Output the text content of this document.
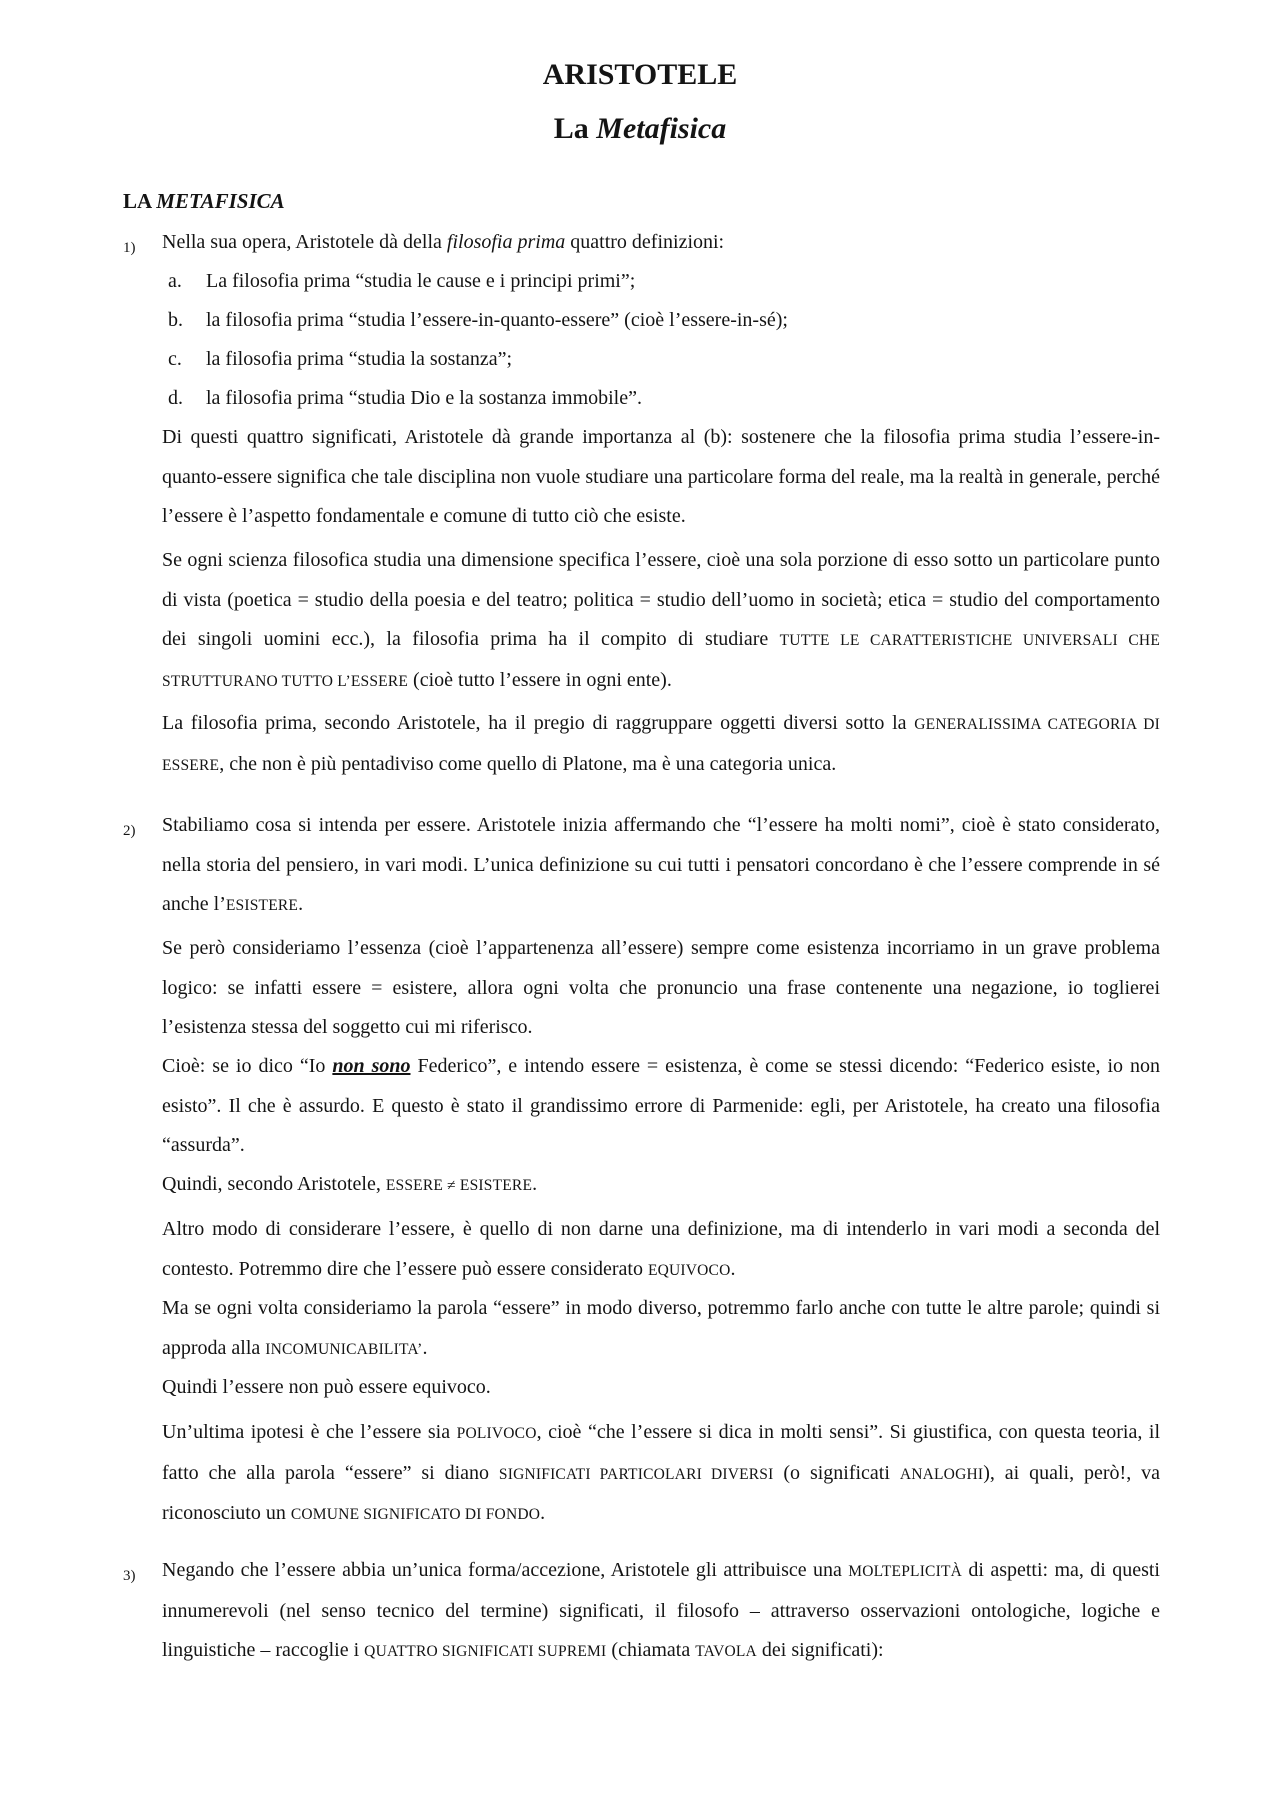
ARISTOTELE
La Metafisica
LA METAFISICA
1) Nella sua opera, Aristotele dà della filosofia prima quattro definizioni:

a. La filosofia prima “studia le cause e i principi primi”;

b. la filosofia prima “studia l’essere-in-quanto-essere” (cioè l’essere-in-sé);

c. la filosofia prima “studia la sostanza”;

d. la filosofia prima “studia Dio e la sostanza immobile”.

Di questi quattro significati, Aristotele dà grande importanza al (b): sostenere che la filosofia prima studia l’essere-in-quanto-essere significa che tale disciplina non vuole studiare una particolare forma del reale, ma la realtà in generale, perché l’essere è l’aspetto fondamentale e comune di tutto ciò che esiste.

Se ogni scienza filosofica studia una dimensione specifica l’essere, cioè una sola porzione di esso sotto un particolare punto di vista (poetica = studio della poesia e del teatro; politica = studio dell’uomo in società; etica = studio del comportamento dei singoli uomini ecc.), la filosofia prima ha il compito di studiare TUTTE LE CARATTERISTICHE UNIVERSALI CHE STRUTTURANO TUTTO L’ESSERE (cioè tutto l’essere in ogni ente).

La filosofia prima, secondo Aristotele, ha il pregio di raggruppare oggetti diversi sotto la GENERALISSIMA CATEGORIA DI ESSERE, che non è più pentadiviso come quello di Platone, ma è una categoria unica.

2) Stabiliamo cosa si intenda per essere. Aristotele inizia affermando che “l’essere ha molti nomi”, cioè è stato considerato, nella storia del pensiero, in vari modi. L’unica definizione su cui tutti i pensatori concordano è che l’essere comprende in sé anche l’ESISTERE.

Se però consideriamo l’essenza (cioè l’appartenenza all’essere) sempre come esistenza incorriamo in un grave problema logico: se infatti essere = esistere, allora ogni volta che pronuncio una frase contenente una negazione, io toglierei l’esistenza stessa del soggetto cui mi riferisco.

Cioè: se io dico “Io non sono Federico”, e intendo essere = esistenza, è come se stessi dicendo: “Federico esiste, io non esisto”. Il che è assurdo. E questo è stato il grandissimo errore di Parmenide: egli, per Aristotele, ha creato una filosofia “assurda”.

Quindi, secondo Aristotele, ESSERE ≠ ESISTERE.

Altro modo di considerare l’essere, è quello di non darne una definizione, ma di intenderlo in vari modi a seconda del contesto. Potremmo dire che l’essere può essere considerato EQUIVOCO.

Ma se ogni volta consideriamo la parola “essere” in modo diverso, potremmo farlo anche con tutte le altre parole; quindi si approda alla INCOMUNICABILITA’.

Quindi l’essere non può essere equivoco.

Un’ultima ipotesi è che l’essere sia POLIVOCO, cioè “che l’essere si dica in molti sensi”. Si giustifica, con questa teoria, il fatto che alla parola “essere” si diano SIGNIFICATI PARTICOLARI DIVERSI (o significati ANALOGHI), ai quali, però!, va riconosciuto un COMUNE SIGNIFICATO DI FONDO.

3) Negando che l’essere abbia un’unica forma/accezione, Aristotele gli attribuisce una MOLTEPLICITÀ di aspetti: ma, di questi innumerevoli (nel senso tecnico del termine) significati, il filosofo – attraverso osservazioni ontologiche, logiche e linguistiche – raccoglie i QUATTRO SIGNIFICATI SUPREMI (chiamata TAVOLA dei significati):
